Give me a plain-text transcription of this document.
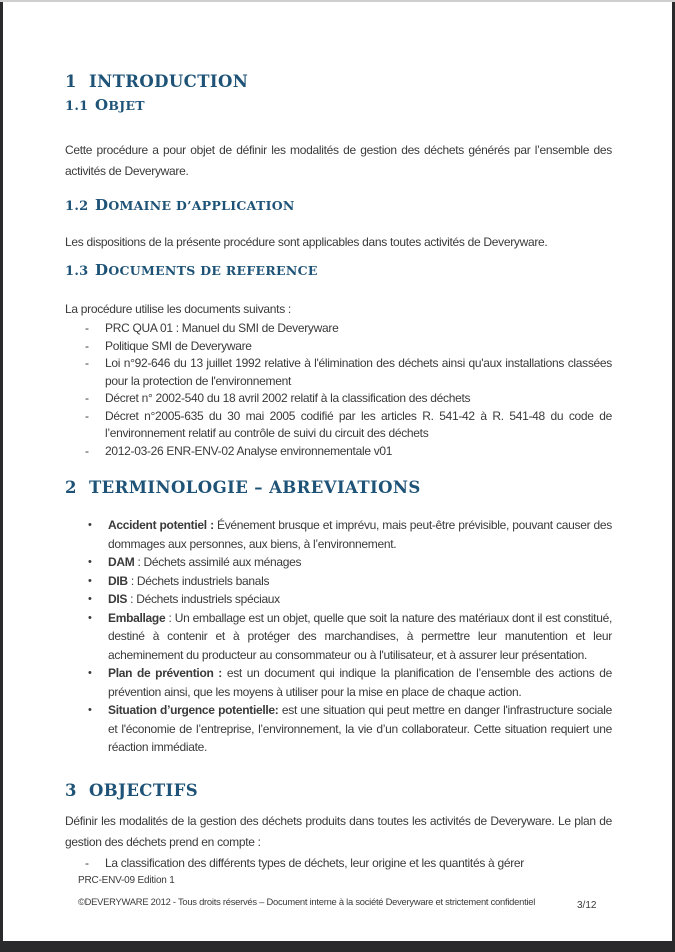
1 INTRODUCTION
1.1 OBJET

Cette procédure a pour objet de définir les modalités de gestion des déchets générés par l’ensemble des activités de Deveryware.

1.2 DOMAINE D’APPLICATION

Les dispositions de la présente procédure sont applicables dans toutes activités de Deveryware.

1.3 DOCUMENTS DE REFERENCE

La procédure utilise les documents suivants :

- PRC QUA 01 : Manuel du SMI de Deveryware
- Politique SMI de Deveryware
- Loi n°92-646 du 13 juillet 1992 relative à l'élimination des déchets ainsi qu'aux installations classées pour la protection de l'environnement
- Décret n° 2002-540 du 18 avril 2002 relatif à la classification des déchets
- Décret n°2005-635 du 30 mai 2005 codifié par les articles R. 541-42 à R. 541-48 du code de l’environnement relatif au contrôle de suivi du circuit des déchets
- 2012-03-26 ENR-ENV-02 Analyse environnementale v01
2 TERMINOLOGIE – ABREVIATIONS
• Accident potentiel : Événement brusque et imprévu, mais peut-être prévisible, pouvant causer des dommages aux personnes, aux biens, à l’environnement.
• DAM : Déchets assimilé aux ménages
• DIB : Déchets industriels banals
• DIS : Déchets industriels spéciaux
• Emballage : Un emballage est un objet, quelle que soit la nature des matériaux dont il est constitué, destiné à contenir et à protéger des marchandises, à permettre leur manutention et leur acheminement du producteur au consommateur ou à l'utilisateur, et à assurer leur présentation.
• Plan de prévention : est un document qui indique la planification de l’ensemble des actions de prévention ainsi, que les moyens à utiliser pour la mise en place de chaque action.
• Situation d’urgence potentielle: est une situation qui peut mettre en danger l'infrastructure sociale et l'économie de l’entreprise, l’environnement, la vie d’un collaborateur. Cette situation requiert une réaction immédiate.
3 OBJECTIFS

Définir les modalités de la gestion des déchets produits dans toutes les activités de Deveryware. Le plan de gestion des déchets prend en compte :

- La classification des différents types de déchets, leur origine et les quantités à gérer
PRC-ENV-09 Edition 1
©DEVERYWARE 2012 - Tous droits réservés – Document interne à la société Deveryware et strictement confidentiel	3/12
